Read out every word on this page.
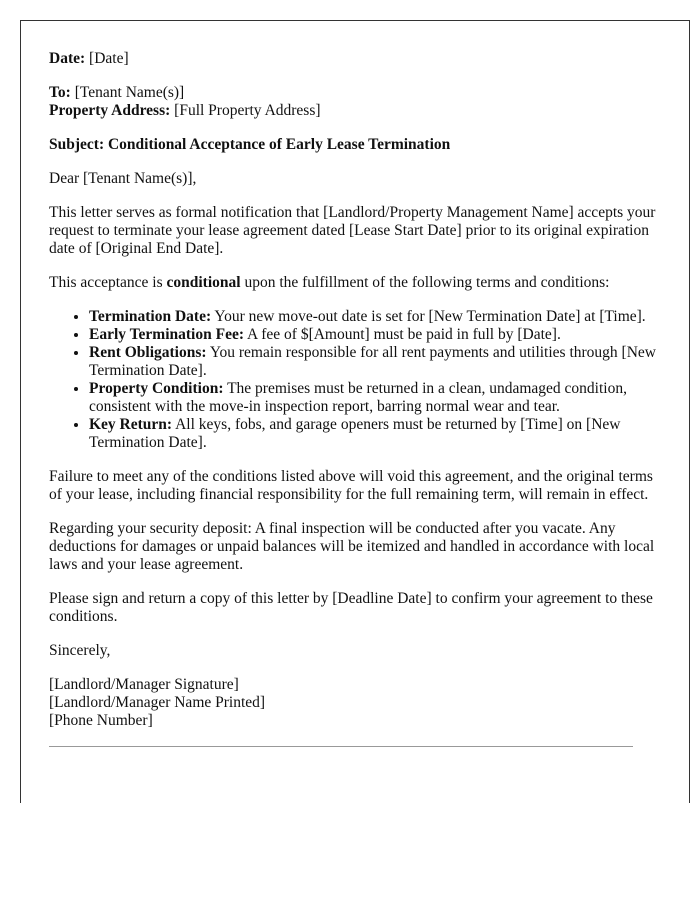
Date: [Date]

To: [Tenant Name(s)]
Property Address: [Full Property Address]

Subject: Conditional Acceptance of Early Lease Termination

Dear [Tenant Name(s)],

This letter serves as formal notification that [Landlord/Property Management Name] accepts your request to terminate your lease agreement dated [Lease Start Date] prior to its original expiration date of [Original End Date].

This acceptance is conditional upon the fulfillment of the following terms and conditions:

• Termination Date: Your new move-out date is set for [New Termination Date] at [Time].
• Early Termination Fee: A fee of $[Amount] must be paid in full by [Date].
• Rent Obligations: You remain responsible for all rent payments and utilities through [New Termination Date].
• Property Condition: The premises must be returned in a clean, undamaged condition, consistent with the move-in inspection report, barring normal wear and tear.
• Key Return: All keys, fobs, and garage openers must be returned by [Time] on [New Termination Date].

Failure to meet any of the conditions listed above will void this agreement, and the original terms of your lease, including financial responsibility for the full remaining term, will remain in effect.

Regarding your security deposit: A final inspection will be conducted after you vacate. Any deductions for damages or unpaid balances will be itemized and handled in accordance with local laws and your lease agreement.

Please sign and return a copy of this letter by [Deadline Date] to confirm your agreement to these conditions.

Sincerely,

[Landlord/Manager Signature]
[Landlord/Manager Name Printed]
[Phone Number]
